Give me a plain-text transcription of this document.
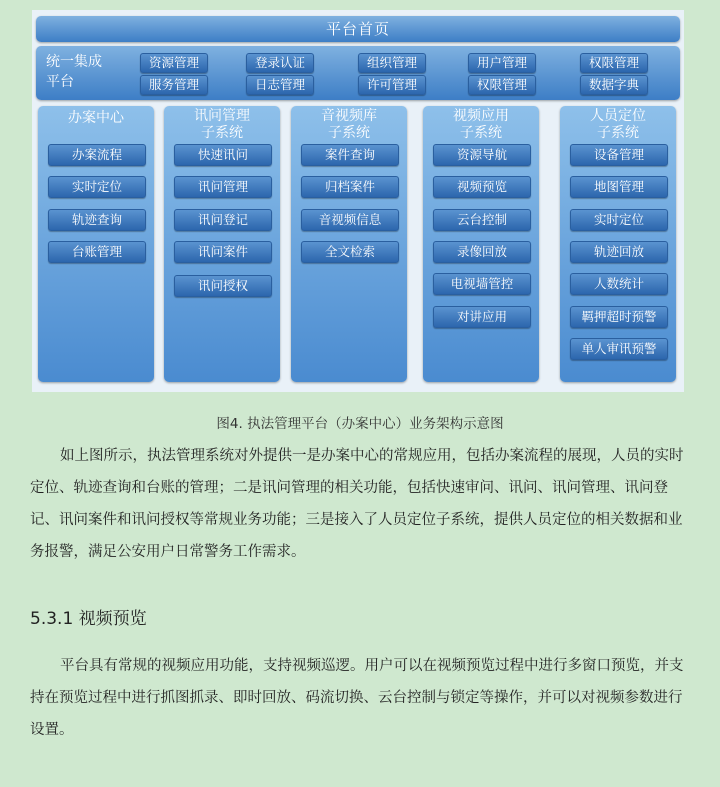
平台首页
统一集成平台
资源管理	登录认证	组织管理	用户管理	权限管理
服务管理	日志管理	许可管理	权限管理	数据字典
办案中心
办案流程
实时定位
轨迹查询
台账管理
讯问管理
子系统
快速讯问
讯问管理
讯问登记
讯问案件
讯问授权
音视频库
子系统
案件查询
归档案件
音视频信息
全文检索
视频应用
子系统
资源导航
视频预览
云台控制
录像回放
电视墙管控
对讲应用
人员定位
子系统
设备管理
地图管理
实时定位
轨迹回放
人数统计
羁押超时预警
单人审讯预警
图4. 执法管理平台（办案中心）业务架构示意图

如上图所示，执法管理系统对外提供一是办案中心的常规应用，包括办案流程的展现，人员的实时定位、轨迹查询和台账的管理；二是讯问管理的相关功能，包括快速审问、讯问、讯问管理、讯问登记、讯问案件和讯问授权等常规业务功能；三是接入了人员定位子系统，提供人员定位的相关数据和业务报警，满足公安用户日常警务工作需求。

5.3.1 视频预览

平台具有常规的视频应用功能，支持视频巡逻。用户可以在视频预览过程中进行多窗口预览，并支持在预览过程中进行抓图抓录、即时回放、码流切换、云台控制与锁定等操作，并可以对视频参数进行设置。
